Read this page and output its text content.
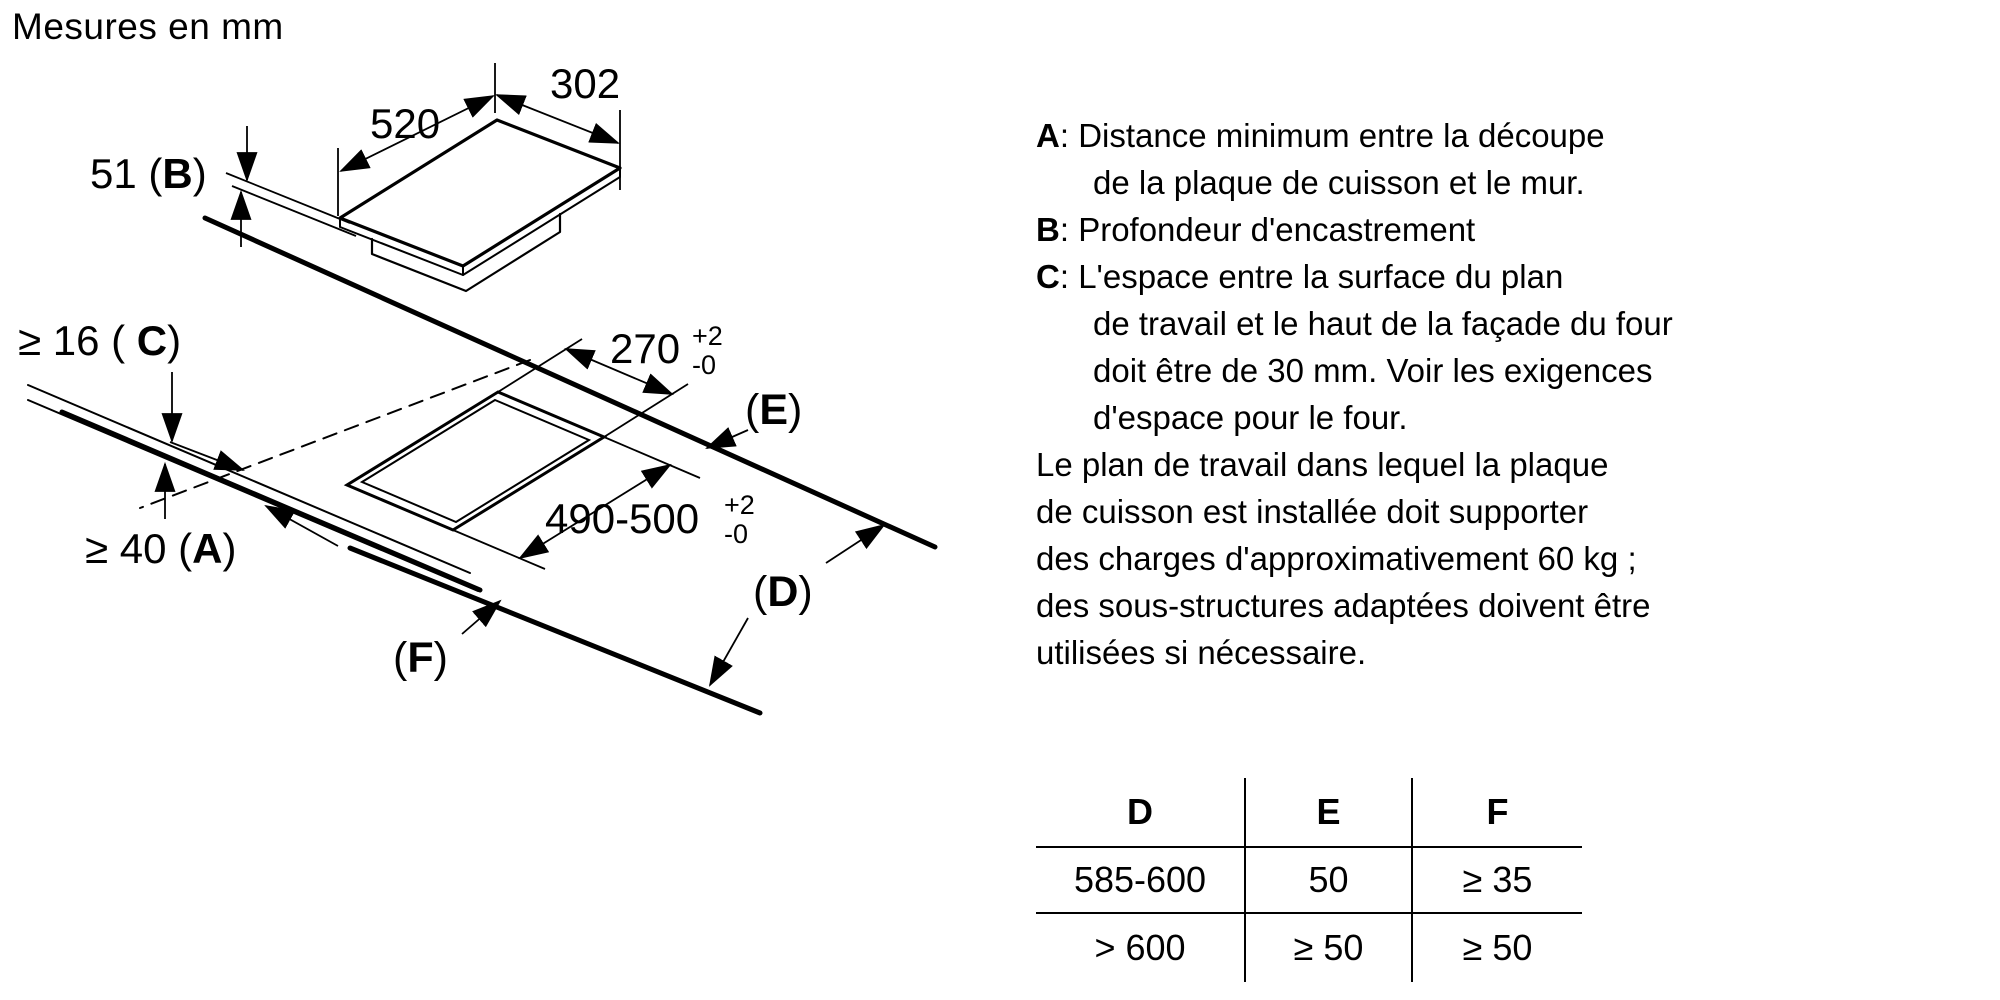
Mesures en mm
302
520
51 (B)
≥ 16 ( C)
≥ 40 (A)
270 +2
-0
490-500 +2
-0
(E)
(D)
(F)
A: Distance minimum entre la découpe
de la plaque de cuisson et le mur.
B: Profondeur d'encastrement
C: L'espace entre la surface du plan
de travail et le haut de la façade du four
doit être de 30 mm. Voir les exigences
d'espace pour le four.
Le plan de travail dans lequel la plaque
de cuisson est installée doit supporter
des charges d'approximativement 60 kg ;
des sous-structures adaptées doivent être
utilisées si nécessaire.
D	E	F
585-600	50	≥ 35
> 600	≥ 50	≥ 50
